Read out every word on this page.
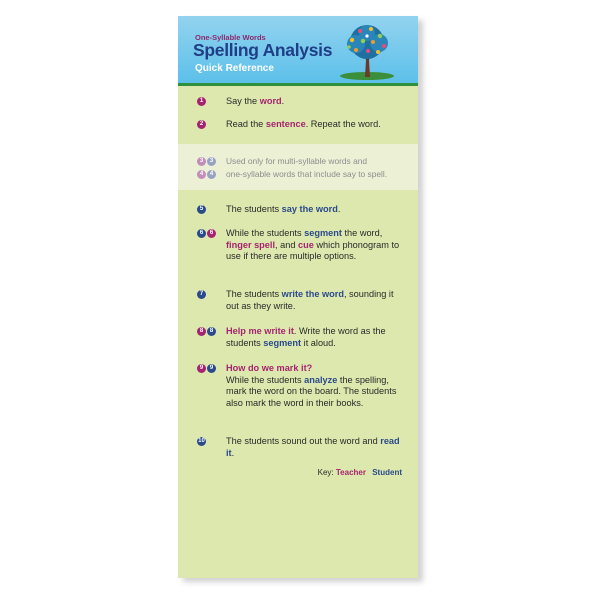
One-Syllable Words
Spelling Analysis
Quick Reference
1	Say the word.
2	Read the sentence. Repeat the word.
3	3
4	4
Used only for multi-syllable words and
one-syllable words that include say to spell.
5	The students say the word.
6	6	While the students segment the word, finger spell, and cue which phonogram to use if there are multiple options.
7	The students write the word, sounding it out as they write.
8	8	Help me write it. Write the word as the students segment it aloud.
9	9	How do we mark it?
While the students analyze the spelling, mark the word on the board. The students also mark the word in their books.
10 The students sound out the word and read it.
Key: Teacher Student
